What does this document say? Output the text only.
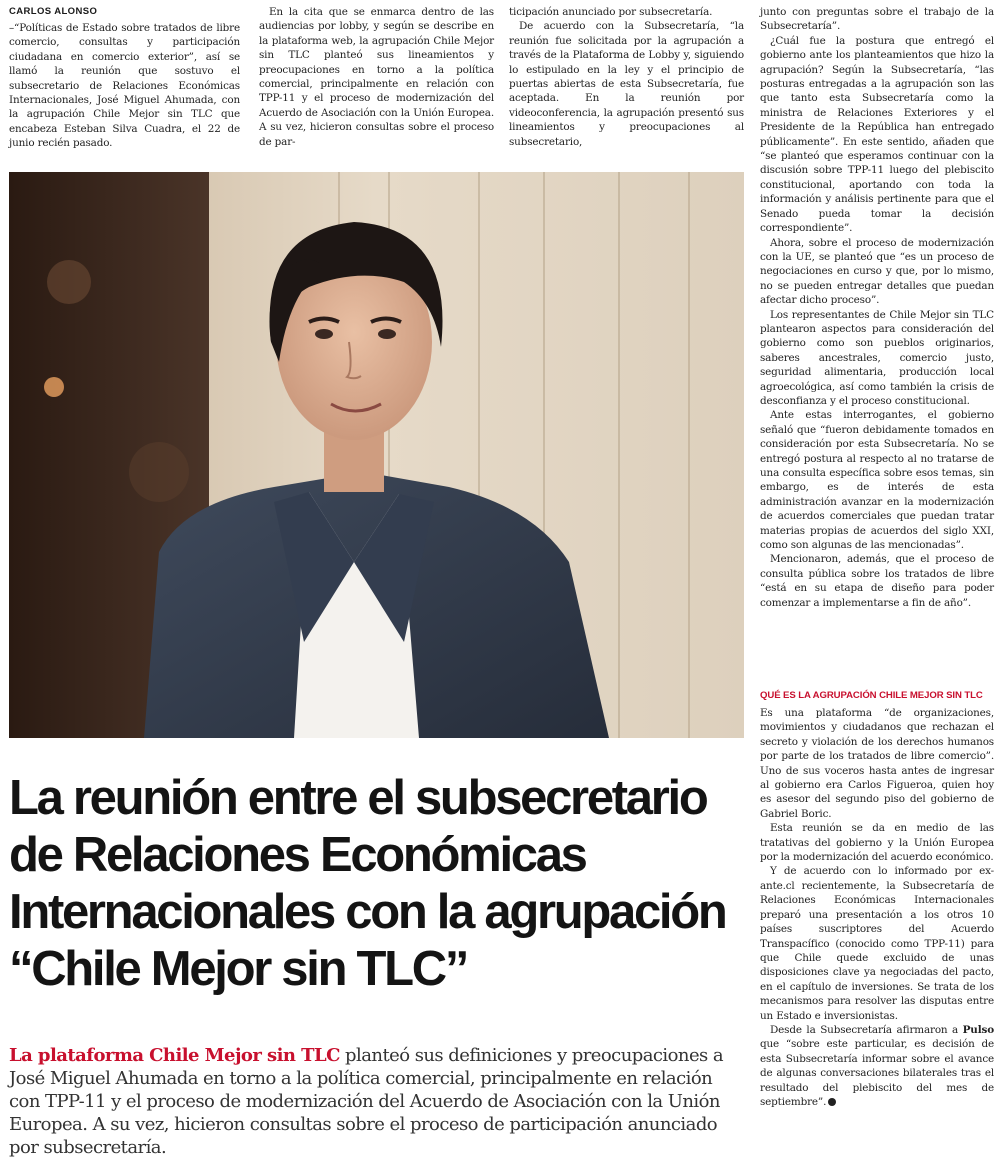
CARLOS ALONSO

–“Políticas de Estado sobre tratados de libre comercio, consultas y participación ciudadana en comercio exterior”, así se llamó la reunión que sostuvo el subsecretario de Relaciones Económicas Internacionales, José Miguel Ahumada, con la agrupación Chile Mejor sin TLC que encabeza Esteban Silva Cuadra, el 22 de junio recién pasado.

En la cita que se enmarca dentro de las audiencias por lobby, y según se describe en la plataforma web, la agrupación Chile Mejor sin TLC planteó sus lineamientos y preocupaciones en torno a la política comercial, principalmente en relación con TPP-11 y el proceso de modernización del Acuerdo de Asociación con la Unión Europea. A su vez, hicieron consultas sobre el proceso de par-

ticipación anunciado por subsecretaría.

De acuerdo con la Subsecretaría, “la reunión fue solicitada por la agrupación a través de la Plataforma de Lobby y, siguiendo lo estipulado en la ley y el principio de puertas abiertas de esta Subsecretaría, fue aceptada. En la reunión por videoconferencia, la agrupación presentó sus lineamientos y preocupaciones al subsecretario,

junto con preguntas sobre el trabajo de la Subsecretaría”.

¿Cuál fue la postura que entregó el gobierno ante los planteamientos que hizo la agrupación? Según la Subsecretaría, “las posturas entregadas a la agrupación son las que tanto esta Subsecretaría como la ministra de Relaciones Exteriores y el Presidente de la República han entregado públicamente”. En este sentido, añaden que “se planteó que esperamos continuar con la discusión sobre TPP-11 luego del plebiscito constitucional, aportando con toda la información y análisis pertinente para que el Senado pueda tomar la decisión correspondiente”.

Ahora, sobre el proceso de modernización con la UE, se planteó que “es un proceso de negociaciones en curso y que, por lo mismo, no se pueden entregar detalles que puedan afectar dicho proceso”.

Los representantes de Chile Mejor sin TLC plantearon aspectos para consideración del gobierno como son pueblos originarios, saberes ancestrales, comercio justo, seguridad alimentaria, producción local agroecológica, así como también la crisis de desconfianza y el proceso constitucional.

Ante estas interrogantes, el gobierno señaló que “fueron debidamente tomados en consideración por esta Subsecretaría. No se entregó postura al respecto al no tratarse de una consulta específica sobre esos temas, sin embargo, es de interés de esta administración avanzar en la modernización de acuerdos comerciales que puedan tratar materias propias de acuerdos del siglo XXI, como son algunas de las mencionadas”.

Mencionaron, además, que el proceso de consulta pública sobre los tratados de libre “está en su etapa de diseño para poder comenzar a implementarse a fin de año”.

La reunión entre el subsecretario de Relaciones Económicas Internacionales con la agrupación “Chile Mejor sin TLC”

La plataforma Chile Mejor sin TLC planteó sus definiciones y preocupaciones a José Miguel Ahumada en torno a la política comercial, principalmente en relación con TPP-11 y el proceso de modernización del Acuerdo de Asociación con la Unión Europea. A su vez, hicieron consultas sobre el proceso de participación anunciado por subsecretaría.

QUÉ ES LA AGRUPACIÓN CHILE MEJOR SIN TLC

Es una plataforma “de organizaciones, movimientos y ciudadanos que rechazan el secreto y violación de los derechos humanos por parte de los tratados de libre comercio”. Uno de sus voceros hasta antes de ingresar al gobierno era Carlos Figueroa, quien hoy es asesor del segundo piso del gobierno de Gabriel Boric.

Esta reunión se da en medio de las tratativas del gobierno y la Unión Europea por la modernización del acuerdo económico.

Y de acuerdo con lo informado por ex-ante.cl recientemente, la Subsecretaría de Relaciones Económicas Internacionales preparó una presentación a los otros 10 países suscriptores del Acuerdo Transpacífico (conocido como TPP-11) para que Chile quede excluido de unas disposiciones clave ya negociadas del pacto, en el capítulo de inversiones. Se trata de los mecanismos para resolver las disputas entre un Estado e inversionistas.

Desde la Subsecretaría afirmaron a Pulso que “sobre este particular, es decisión de esta Subsecretaría informar sobre el avance de algunas conversaciones bilaterales tras el resultado del plebiscito del mes de septiembre”.
